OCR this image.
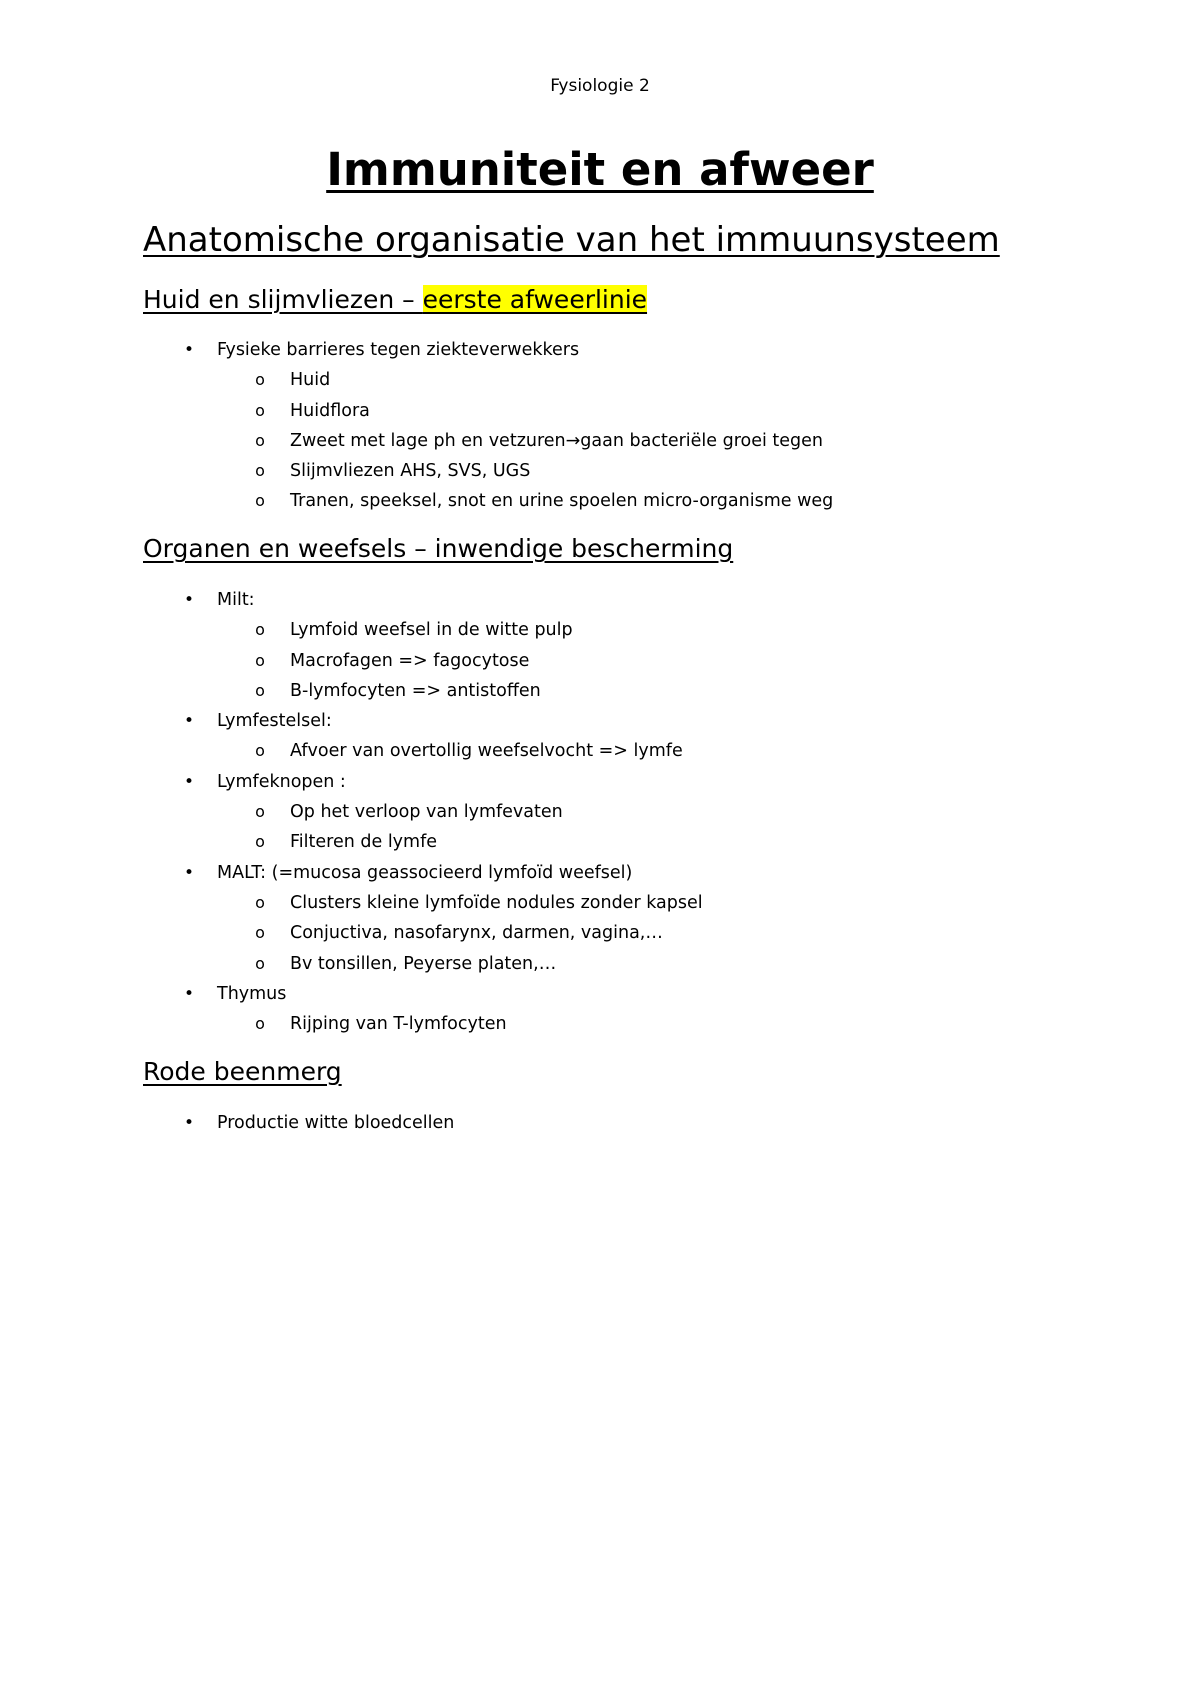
Fysiologie 2
Immuniteit en afweer
Anatomische organisatie van het immuunsysteem
Huid en slijmvliezen – eerste afweerlinie
• Fysieke barrieres tegen ziekteverwekkers
o Huid
o Huidflora
o Zweet met lage ph en vetzuren→gaan bacteriële groei tegen
o Slijmvliezen AHS, SVS, UGS
o Tranen, speeksel, snot en urine spoelen micro-organisme weg
Organen en weefsels – inwendige bescherming
• Milt:
o Lymfoid weefsel in de witte pulp
o Macrofagen => fagocytose
o B-lymfocyten => antistoffen
• Lymfestelsel:
o Afvoer van overtollig weefselvocht => lymfe
• Lymfeknopen :
o Op het verloop van lymfevaten
o Filteren de lymfe
• MALT: (=mucosa geassocieerd lymfoïd weefsel)
o Clusters kleine lymfoïde nodules zonder kapsel
o Conjuctiva, nasofarynx, darmen, vagina,…
o Bv tonsillen, Peyerse platen,…
• Thymus
o Rijping van T-lymfocyten
Rode beenmerg
• Productie witte bloedcellen
